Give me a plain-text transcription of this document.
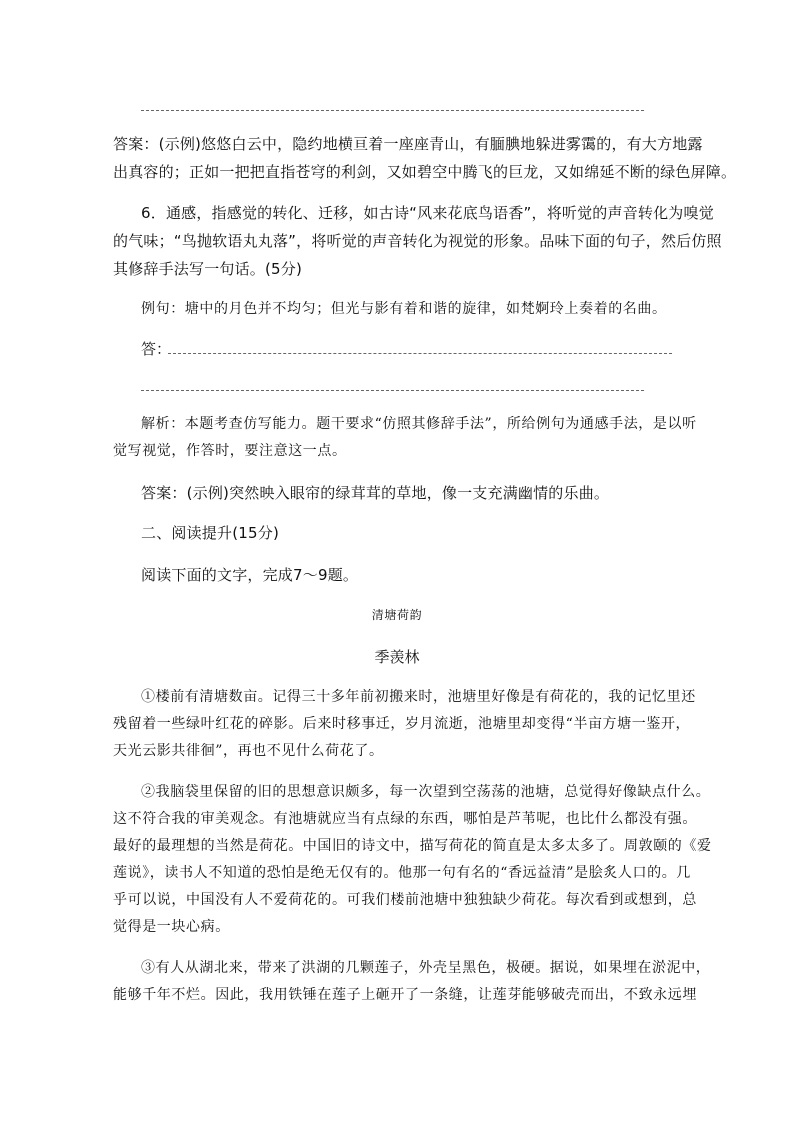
答案：(示例)悠悠白云中，隐约地横亘着一座座青山，有腼腆地躲进雾霭的，有大方地露
出真容的；正如一把把直指苍穹的利剑，又如碧空中腾飞的巨龙，又如绵延不断的绿色屏障。
6．通感，指感觉的转化、迁移，如古诗“风来花底鸟语香”，将听觉的声音转化为嗅觉
的气味；“鸟抛软语丸丸落”，将听觉的声音转化为视觉的形象。品味下面的句子，然后仿照
其修辞手法写一句话。(5分)
例句：塘中的月色并不均匀；但光与影有着和谐的旋律，如梵婀玲上奏着的名曲。
答：
解析：本题考查仿写能力。题干要求“仿照其修辞手法”，所给例句为通感手法，是以听
觉写视觉，作答时，要注意这一点。
答案：(示例)突然映入眼帘的绿茸茸的草地，像一支充满幽情的乐曲。
二、阅读提升(15分)
阅读下面的文字，完成7～9题。
清塘荷韵
季羡林
①楼前有清塘数亩。记得三十多年前初搬来时，池塘里好像是有荷花的，我的记忆里还
残留着一些绿叶红花的碎影。后来时移事迁，岁月流逝，池塘里却变得“半亩方塘一鉴开，
天光云影共徘徊”，再也不见什么荷花了。
②我脑袋里保留的旧的思想意识颇多，每一次望到空荡荡的池塘，总觉得好像缺点什么。
这不符合我的审美观念。有池塘就应当有点绿的东西，哪怕是芦苇呢，也比什么都没有强。
最好的最理想的当然是荷花。中国旧的诗文中，描写荷花的简直是太多太多了。周敦颐的《爱
莲说》，读书人不知道的恐怕是绝无仅有的。他那一句有名的“香远益清”是脍炙人口的。几
乎可以说，中国没有人不爱荷花的。可我们楼前池塘中独独缺少荷花。每次看到或想到，总
觉得是一块心病。
③有人从湖北来，带来了洪湖的几颗莲子，外壳呈黑色，极硬。据说，如果埋在淤泥中，
能够千年不烂。因此，我用铁锤在莲子上砸开了一条缝，让莲芽能够破壳而出，不致永远埋
